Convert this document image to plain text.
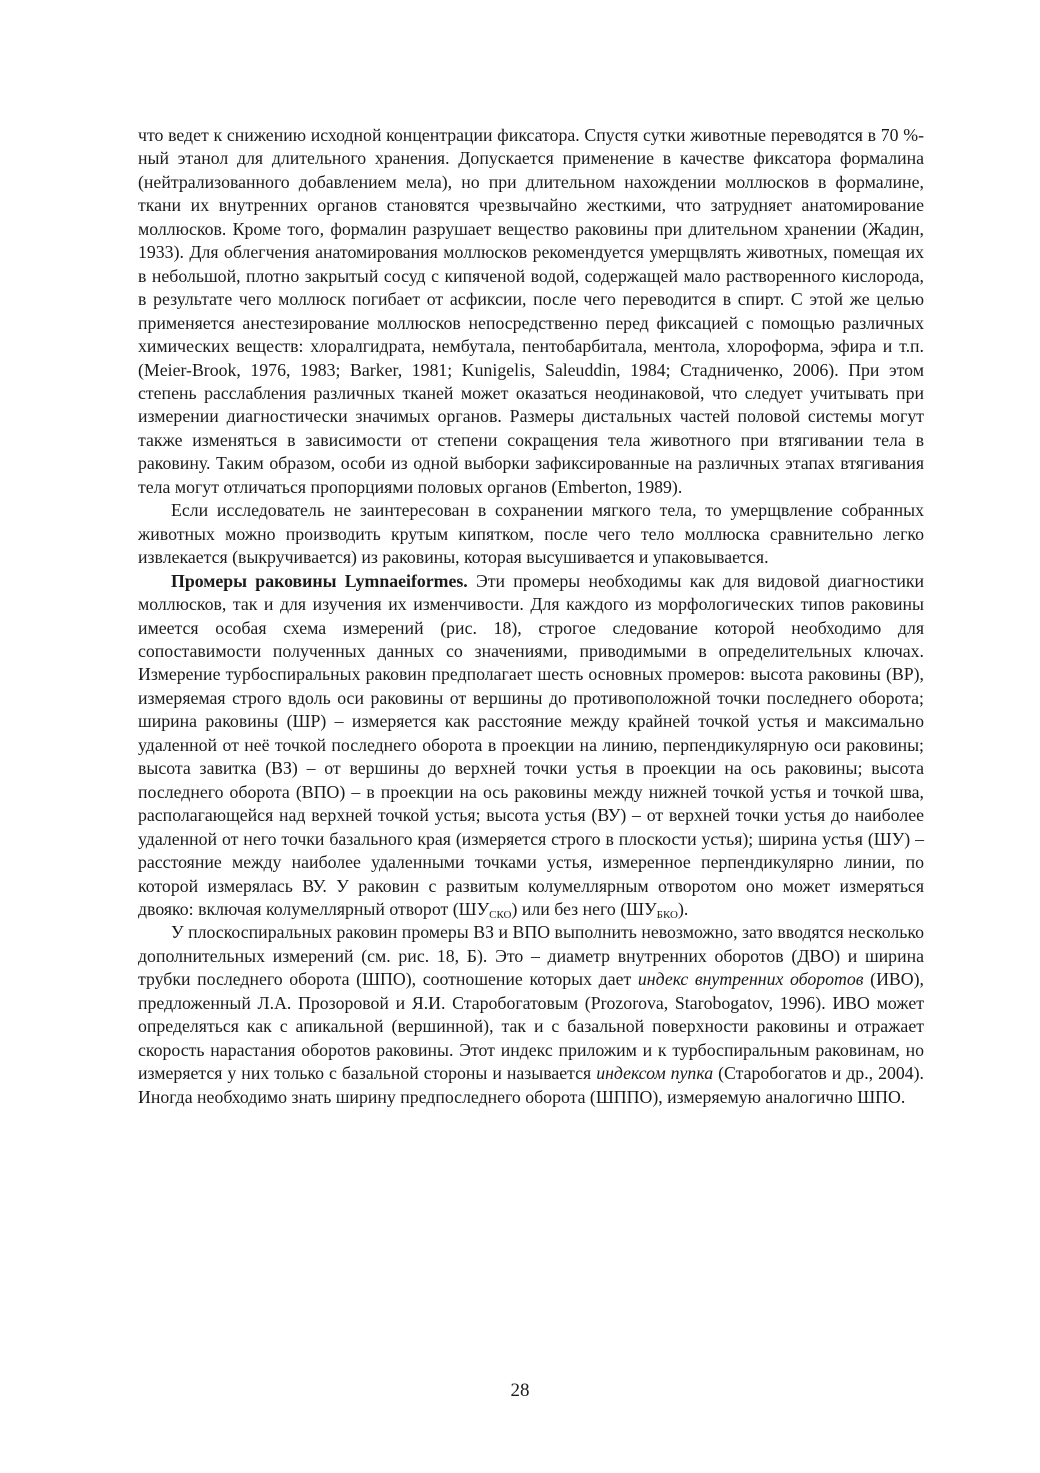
что ведет к снижению исходной концентрации фиксатора. Спустя сутки животные переводятся в 70 %-ный этанол для длительного хранения. Допускается применение в качестве фиксатора формалина (нейтрализованного добавлением мела), но при длительном нахождении моллюсков в формалине, ткани их внутренних органов становятся чрезвычайно жесткими, что затрудняет анатомирование моллюсков. Кроме того, формалин разрушает вещество раковины при длительном хранении (Жадин, 1933). Для облегчения анатомирования моллюсков рекомендуется умерщвлять животных, помещая их в небольшой, плотно закрытый сосуд с кипяченой водой, содержащей мало растворенного кислорода, в результате чего моллюск погибает от асфиксии, после чего переводится в спирт. С этой же целью применяется анестезирование моллюсков непосредственно перед фиксацией с помощью различных химических веществ: хлоралгидрата, нембутала, пентобарбитала, ментола, хлороформа, эфира и т.п. (Meier-Brook, 1976, 1983; Barker, 1981; Kunigelis, Saleuddin, 1984; Стадниченко, 2006). При этом степень расслабления различных тканей может оказаться неодинаковой, что следует учитывать при измерении диагностически значимых органов. Размеры дистальных частей половой системы могут также изменяться в зависимости от степени сокращения тела животного при втягивании тела в раковину. Таким образом, особи из одной выборки зафиксированные на различных этапах втягивания тела могут отличаться пропорциями половых органов (Emberton, 1989).

Если исследователь не заинтересован в сохранении мягкого тела, то умерщвление собранных животных можно производить крутым кипятком, после чего тело моллюска сравнительно легко извлекается (выкручивается) из раковины, которая высушивается и упаковывается.

Промеры раковины Lymnaeiformes. Эти промеры необходимы как для видовой диагностики моллюсков, так и для изучения их изменчивости. Для каждого из морфологических типов раковины имеется особая схема измерений (рис. 18), строгое следование которой необходимо для сопоставимости полученных данных со значениями, приводимыми в определительных ключах. Измерение турбоспиральных раковин предполагает шесть основных промеров: высота раковины (ВР), измеряемая строго вдоль оси раковины от вершины до противоположной точки последнего оборота; ширина раковины (ШР) – измеряется как расстояние между крайней точкой устья и максимально удаленной от неё точкой последнего оборота в проекции на линию, перпендикулярную оси раковины; высота завитка (ВЗ) – от вершины до верхней точки устья в проекции на ось раковины; высота последнего оборота (ВПО) – в проекции на ось раковины между нижней точкой устья и точкой шва, располагающейся над верхней точкой устья; высота устья (ВУ) – от верхней точки устья до наиболее удаленной от него точки базального края (измеряется строго в плоскости устья); ширина устья (ШУ) – расстояние между наиболее удаленными точками устья, измеренное перпендикулярно линии, по которой измерялась ВУ. У раковин с развитым колумеллярным отворотом оно может измеряться двояко: включая колумеллярный отворот $(ШУ_{СКО})$ или без него $(ШУ_{БКО})$.

У плоскоспиральных раковин промеры ВЗ и ВПО выполнить невозможно, зато вводятся несколько дополнительных измерений (см. рис. 18, Б). Это – диаметр внутренних оборотов (ДВО) и ширина трубки последнего оборота (ШПО), соотношение которых дает индекс внутренних оборотов (ИВО), предложенный Л.А. Прозоровой и Я.И. Старобогатовым (Prozorova, Starobogatov, 1996). ИВО может определяться как с апикальной (вершинной), так и с базальной поверхности раковины и отражает скорость нарастания оборотов раковины. Этот индекс приложим и к турбоспиральным раковинам, но измеряется у них только с базальной стороны и называется индексом пупка (Старобогатов и др., 2004). Иногда необходимо знать ширину предпоследнего оборота (ШППО), измеряемую аналогично ШПО.

28
